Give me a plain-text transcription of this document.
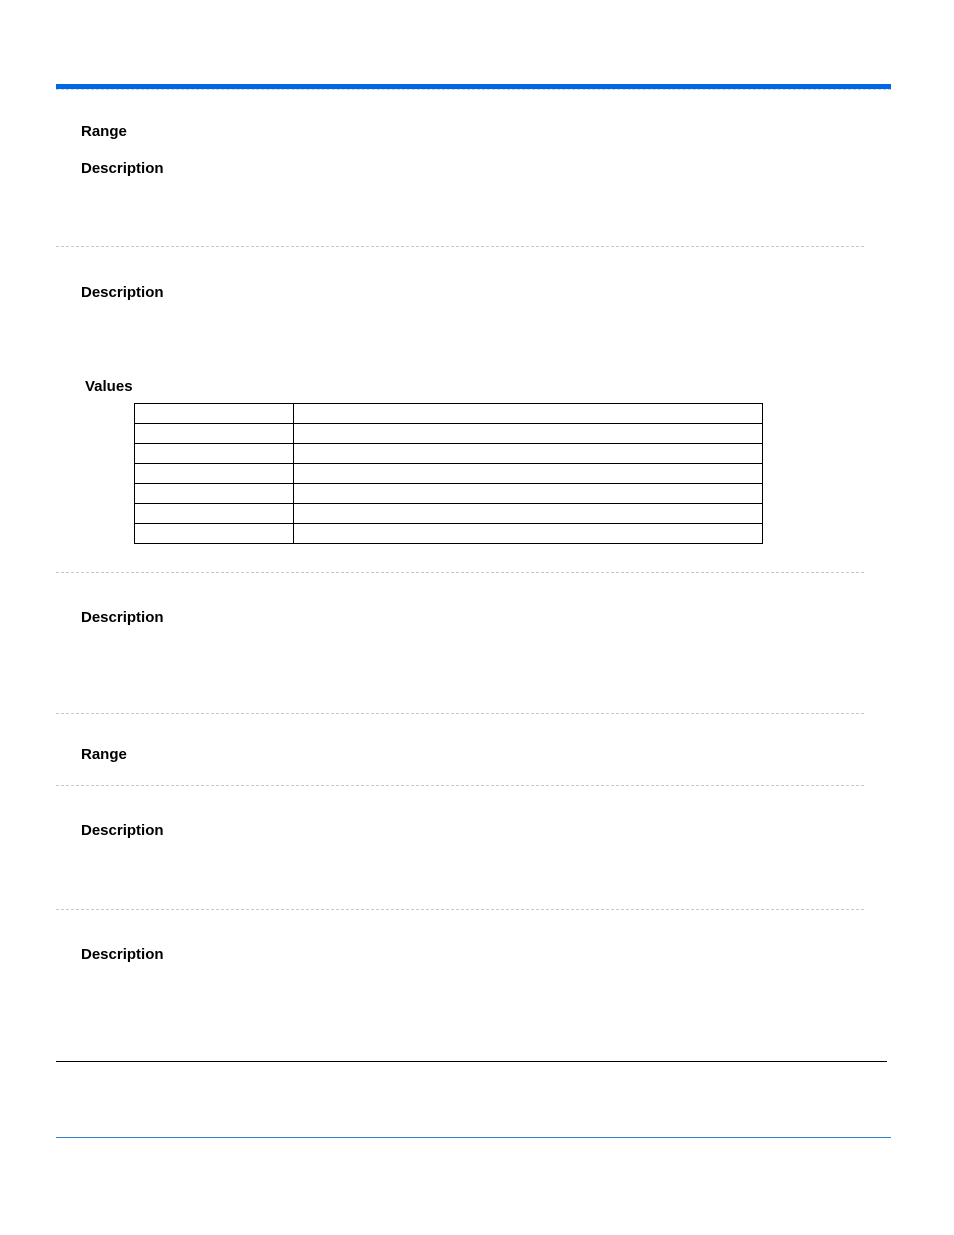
Range
Description
Description
Values

Description
Range
Description
Description
